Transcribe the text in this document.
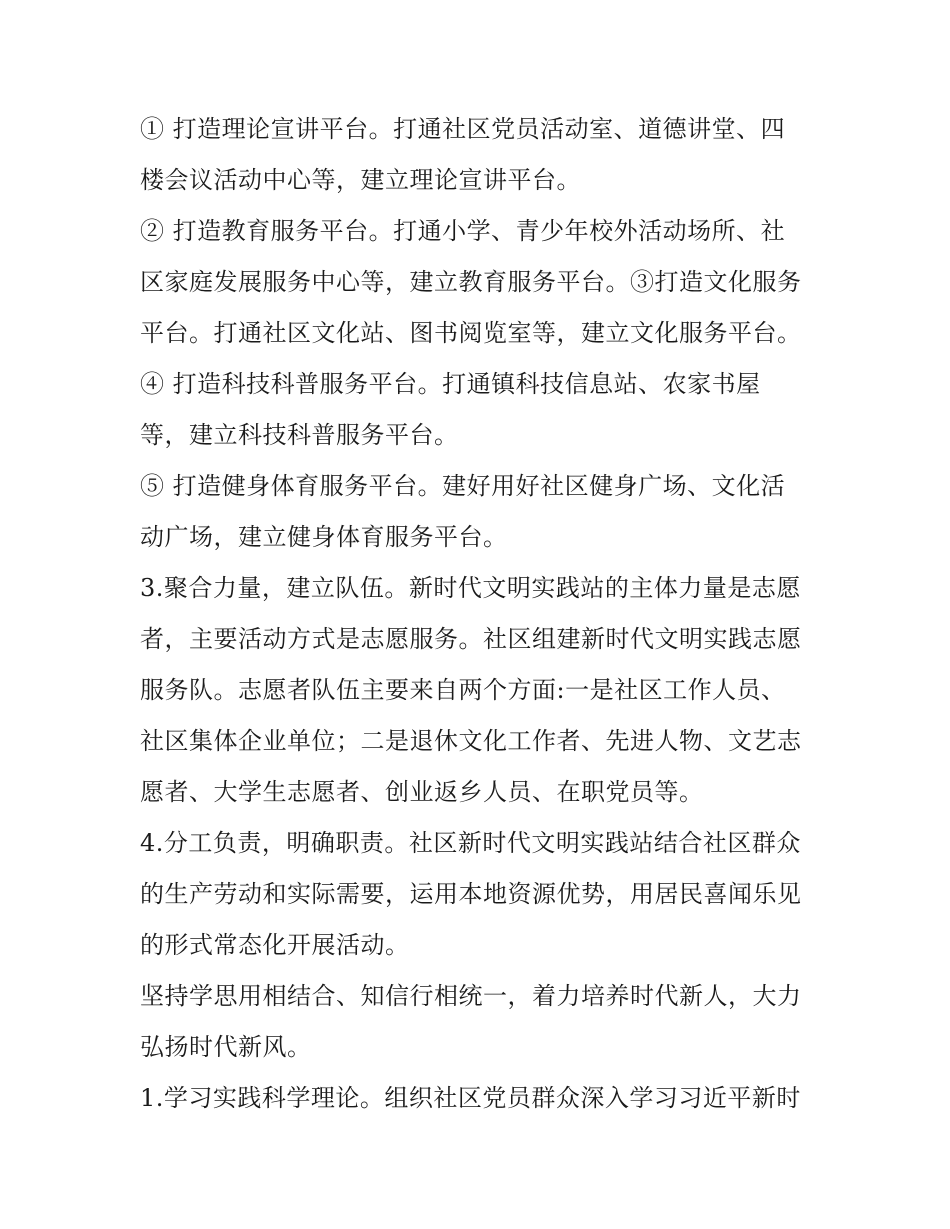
① 打造理论宣讲平台。打通社区党员活动室、道德讲堂、四
楼会议活动中心等，建立理论宣讲平台。
② 打造教育服务平台。打通小学、青少年校外活动场所、社
区家庭发展服务中心等，建立教育服务平台。③打造文化服务
平台。打通社区文化站、图书阅览室等，建立文化服务平台。
④ 打造科技科普服务平台。打通镇科技信息站、农家书屋
等，建立科技科普服务平台。
⑤ 打造健身体育服务平台。建好用好社区健身广场、文化活
动广场，建立健身体育服务平台。
3.聚合力量，建立队伍。新时代文明实践站的主体力量是志愿
者，主要活动方式是志愿服务。社区组建新时代文明实践志愿
服务队。志愿者队伍主要来自两个方面:一是社区工作人员、
社区集体企业单位；二是退休文化工作者、先进人物、文艺志
愿者、大学生志愿者、创业返乡人员、在职党员等。
4.分工负责，明确职责。社区新时代文明实践站结合社区群众
的生产劳动和实际需要，运用本地资源优势，用居民喜闻乐见
的形式常态化开展活动。
坚持学思用相结合、知信行相统一，着力培养时代新人，大力
弘扬时代新风。
1.学习实践科学理论。组织社区党员群众深入学习习近平新时
